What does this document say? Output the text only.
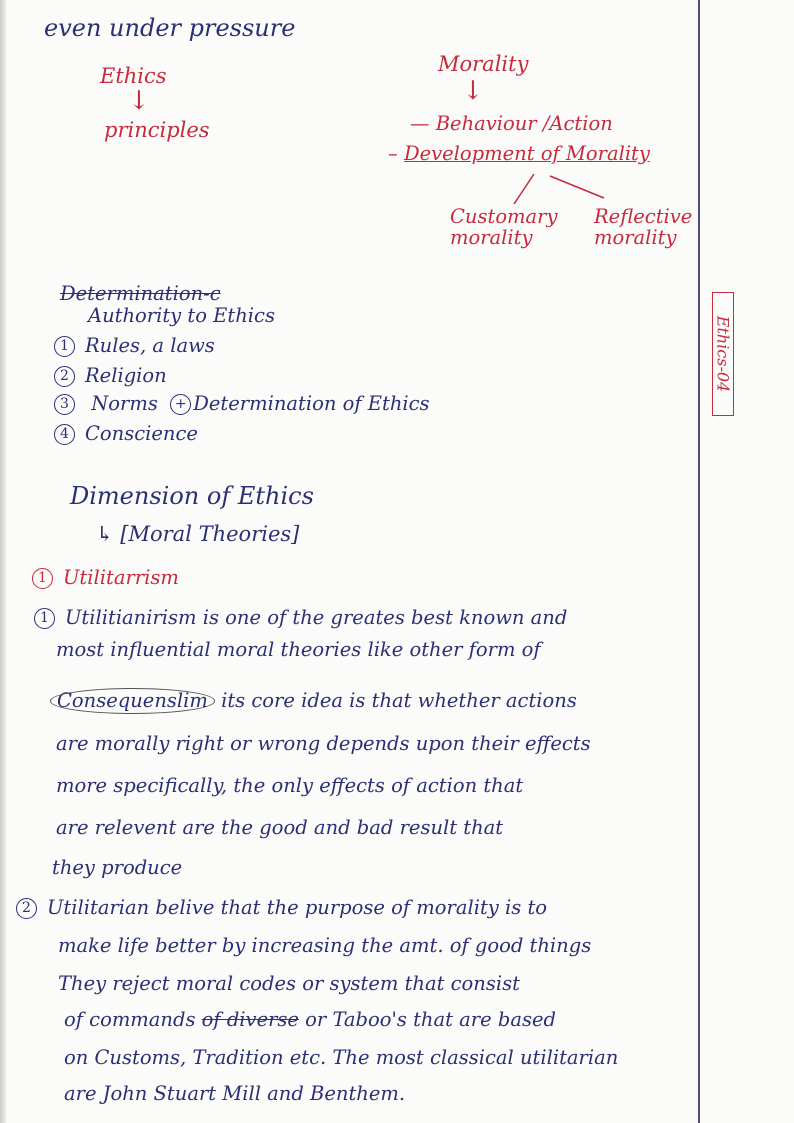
even under pressure
Ethics
↓
principles
Morality
↓
— Behaviour /Action
– Development of Morality
Customary morality
Reflective morality
Ethics-04
Determination-c
Authority to Ethics
1 Rules, a laws
2 Religion
3 Norms + Determination of Ethics
4 Conscience
Dimension of Ethics
↳ [Moral Theories]
1 Utilitarrism
1 Utilitianirism is one of the greates best known and
most influential moral theories like other form of
Consequenslim its core idea is that whether actions
are morally right or wrong depends upon their effects
more specifically, the only effects of action that
are relevent are the good and bad result that
they produce
2 Utilitarian belive that the purpose of morality is to
make life better by increasing the amt. of good things
They reject moral codes or system that consist
of commands of diverse or Taboo's that are based
on Customs, Tradition etc. The most classical utilitarian
are John Stuart Mill and Benthem.
